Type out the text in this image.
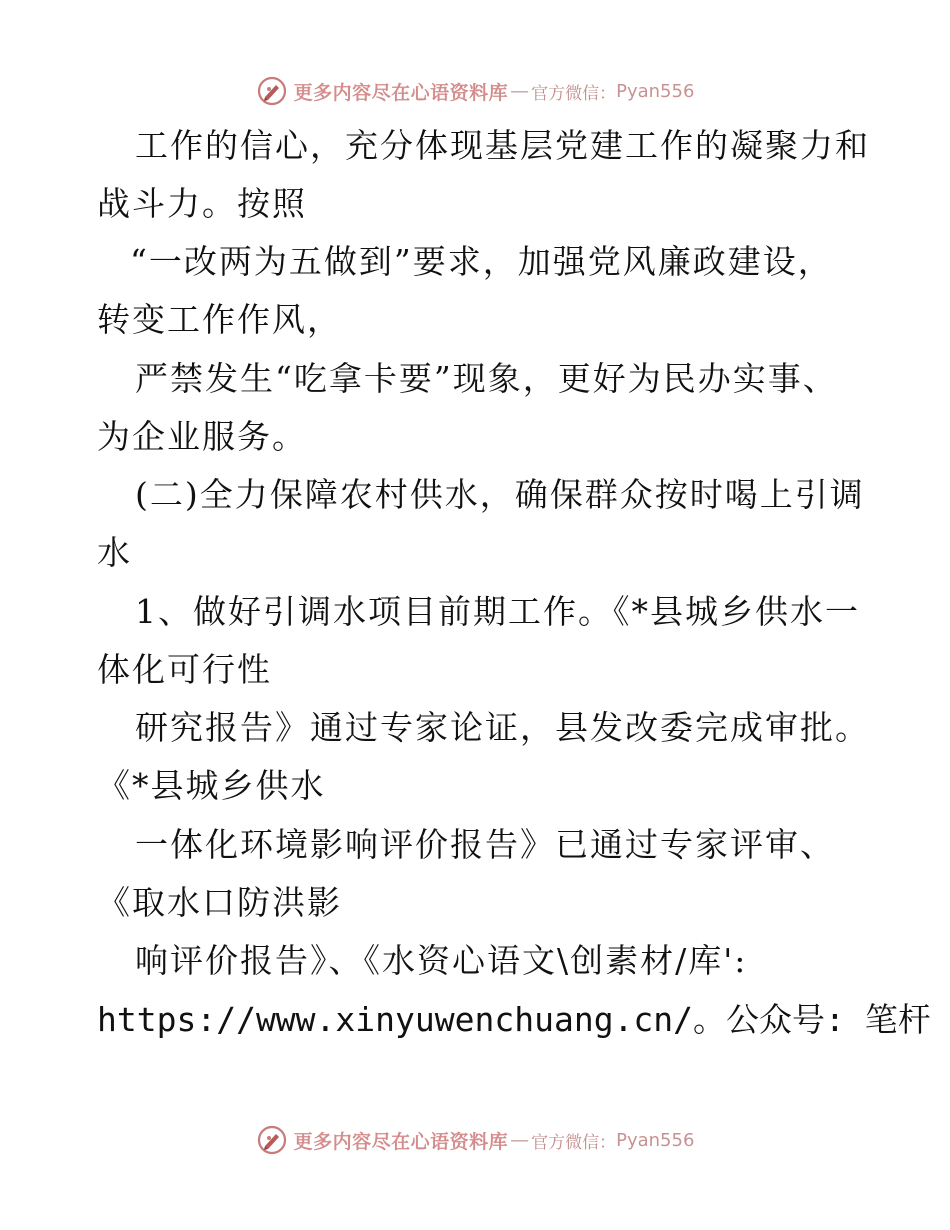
更多内容尽在心语资料库 — 官方微信： Pyan556
工作的信心，充分体现基层党建工作的凝聚力和
战斗力。按照
“一改两为五做到”要求，加强党风廉政建设，
转变工作作风，
严禁发生“吃拿卡要”现象，更好为民办实事、
为企业服务。
(二)全力保障农村供水，确保群众按时喝上引调
水
1、做好引调水项目前期工作。《*县城乡供水一
体化可行性
研究报告》通过专家论证，县发改委完成审批。
《*县城乡供水
一体化环境影响评价报告》已通过专家评审、
《取水口防洪影
响评价报告》、《水资心语文\创素材/库':
https://www.xinyuwenchuang.cn/。公众号: 笔杆
更多内容尽在心语资料库 — 官方微信： Pyan556
